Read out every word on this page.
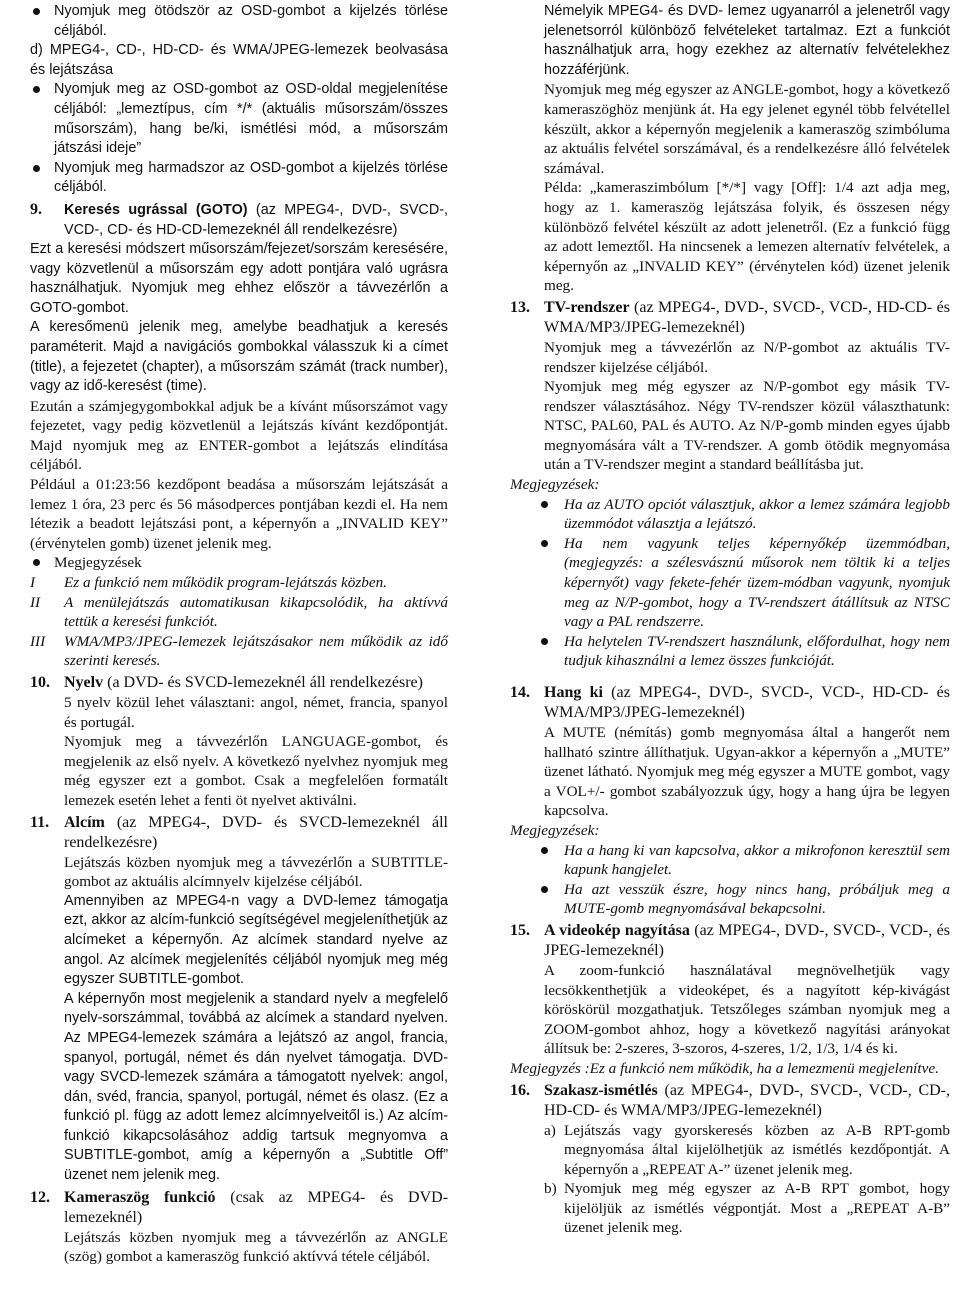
Nyomjuk meg ötödször az OSD-gombot a kijelzés törlése céljából.

d) MPEG4-, CD-, HD-CD- és WMA/JPEG-lemezek beolvasása és lejátszása

Nyomjuk meg az OSD-gombot az OSD-oldal megjelenítése céljából: „lemeztípus, cím */* (aktuális műsorszám/összes műsorszám), hang be/ki, ismétlési mód, a műsorszám játszási ideje”

Nyomjuk meg harmadszor az OSD-gombot a kijelzés törlése céljából.

9. Keresés ugrással (GOTO) (az MPEG4-, DVD-, SVCD-, VCD-, CD- és HD-CD-lemezeknél áll rendelkezésre)

Ezt a keresési módszert műsorszám/fejezet/sorszám keresésére, vagy közvetlenül a műsorszám egy adott pontjára való ugrásra használhatjuk. Nyomjuk meg ehhez először a távvezérlőn a GOTO-gombot.

A keresőmenü jelenik meg, amelybe beadhatjuk a keresés paraméterit. Majd a navigációs gombokkal válasszuk ki a címet (title), a fejezetet (chapter), a műsorszám számát (track number), vagy az idő-keresést (time).

Ezután a számjegygombokkal adjuk be a kívánt műsorszámot vagy fejezetet, vagy pedig közvetlenül a lejátszás kívánt kezdőpontját. Majd nyomjuk meg az ENTER-gombot a lejátszás elindítása céljából.

Például a 01:23:56 kezdőpont beadása a műsorszám lejátszását a lemez 1 óra, 23 perc és 56 másodperces pontjában kezdi el. Ha nem létezik a beadott lejátszási pont, a képernyőn a „INVALID KEY” (érvénytelen gomb) üzenet jelenik meg.

Megjegyzések

I Ez a funkció nem működik program-lejátszás közben.

II A menülejátszás automatikusan kikapcsolódik, ha aktívvá tettük a keresési funkciót.

III WMA/MP3/JPEG-lemezek lejátszásakor nem működik az idő szerinti keresés.

10. Nyelv (a DVD- és SVCD-lemezeknél áll rendelkezésre)

5 nyelv közül lehet választani: angol, német, francia, spanyol és portugál.

Nyomjuk meg a távvezérlőn LANGUAGE-gombot, és megjelenik az első nyelv. A következő nyelvhez nyomjuk meg még egyszer ezt a gombot. Csak a megfelelően formatált lemezek esetén lehet a fenti öt nyelvet aktiválni.

11. Alcím (az MPEG4-, DVD- és SVCD-lemezeknél áll rendelkezésre)

Lejátszás közben nyomjuk meg a távvezérlőn a SUBTITLE-gombot az aktuális alcímnyelv kijelzése céljából.

Amennyiben az MPEG4-n vagy a DVD-lemez támogatja ezt, akkor az alcím-funkció segítségével megjeleníthetjük az alcímeket a képernyőn. Az alcímek standard nyelve az angol. Az alcímek megjelenítés céljából nyomjuk meg még egyszer SUBTITLE-gombot.

A képernyőn most megjelenik a standard nyelv a megfelelő nyelv-sorszámmal, továbbá az alcímek a standard nyelven. Az MPEG4-lemezek számára a lejátszó az angol, francia, spanyol, portugál, német és dán nyelvet támogatja. DVD- vagy SVCD-lemezek számára a támogatott nyelvek: angol, dán, svéd, francia, spanyol, portugál, német és olasz. (Ez a funkció pl. függ az adott lemez alcímnyelveitől is.) Az alcím-funkció kikapcsolásához addig tartsuk megnyomva a SUBTITLE-gombot, amíg a képernyőn a „Subtitle Off” üzenet nem jelenik meg.

12. Kameraszög funkció (csak az MPEG4- és DVD-lemezeknél)

Lejátszás közben nyomjuk meg a távvezérlőn az ANGLE (szög) gombot a kameraszög funkció aktívvá tétele céljából.

Némelyik MPEG4- és DVD- lemez ugyanarról a jelenetről vagy jelenetsorról különböző felvételeket tartalmaz. Ezt a funkciót használhatjuk arra, hogy ezekhez az alternatív felvételekhez hozzáférjünk.

Nyomjuk meg még egyszer az ANGLE-gombot, hogy a következő kameraszöghöz menjünk át. Ha egy jelenet egynél több felvétellel készült, akkor a képernyőn megjelenik a kameraszög szimbóluma az aktuális felvétel sorszámával, és a rendelkezésre álló felvételek számával.

Példa: „kameraszimbólum [*/*] vagy [Off]: 1/4 azt adja meg, hogy az 1. kameraszög lejátszása folyik, és összesen négy különböző felvétel készült az adott jelenetről. (Ez a funkció függ az adott lemeztől. Ha nincsenek a lemezen alternatív felvételek, a képernyőn az „INVALID KEY” (érvénytelen kód) üzenet jelenik meg.

13. TV-rendszer (az MPEG4-, DVD-, SVCD-, VCD-, HD-CD- és WMA/MP3/JPEG-lemezeknél)

Nyomjuk meg a távvezérlőn az N/P-gombot az aktuális TV-rendszer kijelzése céljából.

Nyomjuk meg még egyszer az N/P-gombot egy másik TV-rendszer választásához. Négy TV-rendszer közül választhatunk: NTSC, PAL60, PAL és AUTO. Az N/P-gomb minden egyes újabb megnyomására vált a TV-rendszer. A gomb ötödik megnyomása után a TV-rendszer megint a standard beállításba jut.

Megjegyzések:

Ha az AUTO opciót választjuk, akkor a lemez számára legjobb üzemmódot választja a lejátszó.

Ha nem vagyunk teljes képernyőkép üzemmódban, (megjegyzés: a szélesvásznú műsorok nem töltik ki a teljes képernyőt) vagy fekete-fehér üzem-módban vagyunk, nyomjuk meg az N/P-gombot, hogy a TV-rendszert átállítsuk az NTSC vagy a PAL rendszerre.

Ha helytelen TV-rendszert használunk, előfordulhat, hogy nem tudjuk kihasználni a lemez összes funkcióját.

14. Hang ki (az MPEG4-, DVD-, SVCD-, VCD-, HD-CD- és WMA/MP3/JPEG-lemezeknél)

A MUTE (némítás) gomb megnyomása által a hangerőt nem hallható szintre állíthatjuk. Ugyan-akkor a képernyőn a „MUTE” üzenet látható. Nyomjuk meg még egyszer a MUTE gombot, vagy a VOL+/- gombot szabályozzuk úgy, hogy a hang újra be legyen kapcsolva.

Megjegyzések:

Ha a hang ki van kapcsolva, akkor a mikrofonon keresztül sem kapunk hangjelet.

Ha azt vesszük észre, hogy nincs hang, próbáljuk meg a MUTE-gomb megnyomásával bekapcsolni.

15. A videokép nagyítása (az MPEG4-, DVD-, SVCD-, VCD-, és JPEG-lemezeknél)

A zoom-funkció használatával megnövelhetjük vagy lecsökkenthetjük a videoképet, és a nagyított kép-kivágást köröskörül mozgathatjuk. Tetszőleges számban nyomjuk meg a ZOOM-gombot ahhoz, hogy a következő nagyítási arányokat állítsuk be: 2-szeres, 3-szoros, 4-szeres, 1/2, 1/3, 1/4 és ki.

Megjegyzés :Ez a funkció nem működik, ha a lemezmenü megjelenítve.

16. Szakasz-ismétlés (az MPEG4-, DVD-, SVCD-, VCD-, CD-, HD-CD- és WMA/MP3/JPEG-lemezeknél)

a) Lejátszás vagy gyorskeresés közben az A-B RPT-gomb megnyomása által kijelölhetjük az ismétlés kezdőpontját. A képernyőn a „REPEAT A-” üzenet jelenik meg.

b) Nyomjuk meg még egyszer az A-B RPT gombot, hogy kijelöljük az ismétlés végpontját. Most a „REPEAT A-B” üzenet jelenik meg.
